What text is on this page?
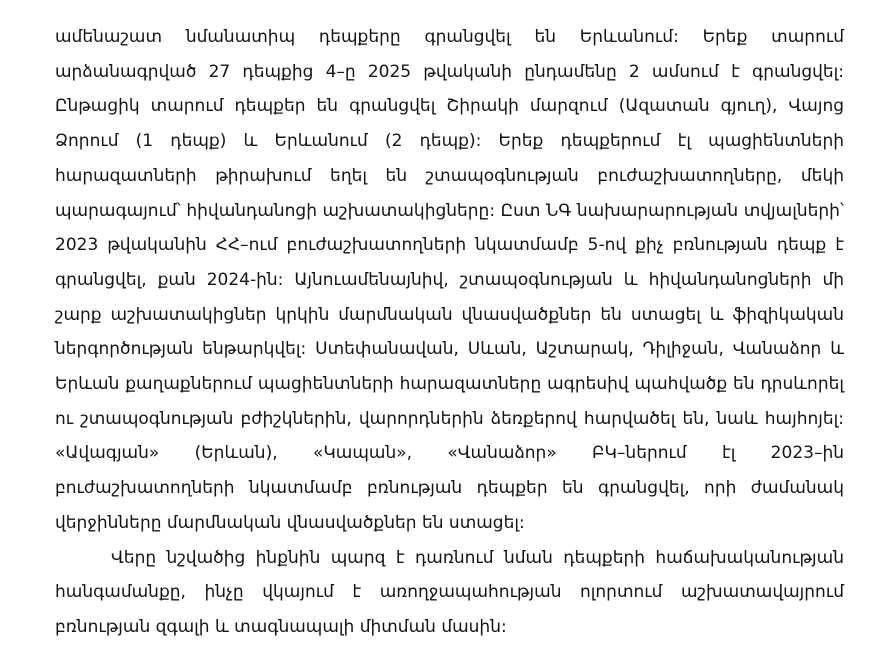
ամենաշատ նմանատիպ դեպքերը գրանցվել են Երևանում: Երեք տարում արձանագրված 27 դեպքից 4–ը 2025 թվականի ընդամենը 2 ամսում է գրանցվել: Ընթացիկ տարում դեպքեր են գրանցվել Շիրակի մարզում (Ազատան գյուղ), Վայոց Ձորում (1 դեպք) և Երևանում (2 դեպք): Երեք դեպքերում էլ պացիենտների հարազատների թիրախում եղել են շտապօգնության բուժաշխատողները, մեկի պարագայում՝ հիվանդանոցի աշխատակիցները: Ըստ ՆԳ նախարարության տվյալների՝ 2023 թվականին ՀՀ–ում բուժաշխատողների նկատմամբ 5-ով քիչ բռնության դեպք է գրանցվել, քան 2024-ին: Այնուամենայնիվ, շտապօգնության և հիվանդանոցների մի շարք աշխատակիցներ կրկին մարմնական վնասվածքներ են ստացել և ֆիզիկական ներգործության ենթարկվել: Ստեփանավան, Սևան, Աշտարակ, Դիլիջան, Վանաձոր և Երևան քաղաքներում պացիենտների հարազատները ագրեսիվ պահվածք են դրսևորել ու շտապօգնության բժիշկներին, վարորդներին ձեռքերով հարվածել են, նաև հայհոյել: «Ավագյան» (Երևան), «Կապան», «Վանաձոր» ԲԿ–ներում էլ 2023–ին բուժաշխատողների նկատմամբ բռնության դեպքեր են գրանցվել, որի ժամանակ վերջինները մարմնական վնասվածքներ են ստացել:

Վերը նշվածից ինքնին պարզ է դառնում նման դեպքերի հաճախականության հանգամանքը, ինչը վկայում է առողջապահության ոլորտում աշխատավայրում բռնության զգալի և տագնապալի միտման մասին:
